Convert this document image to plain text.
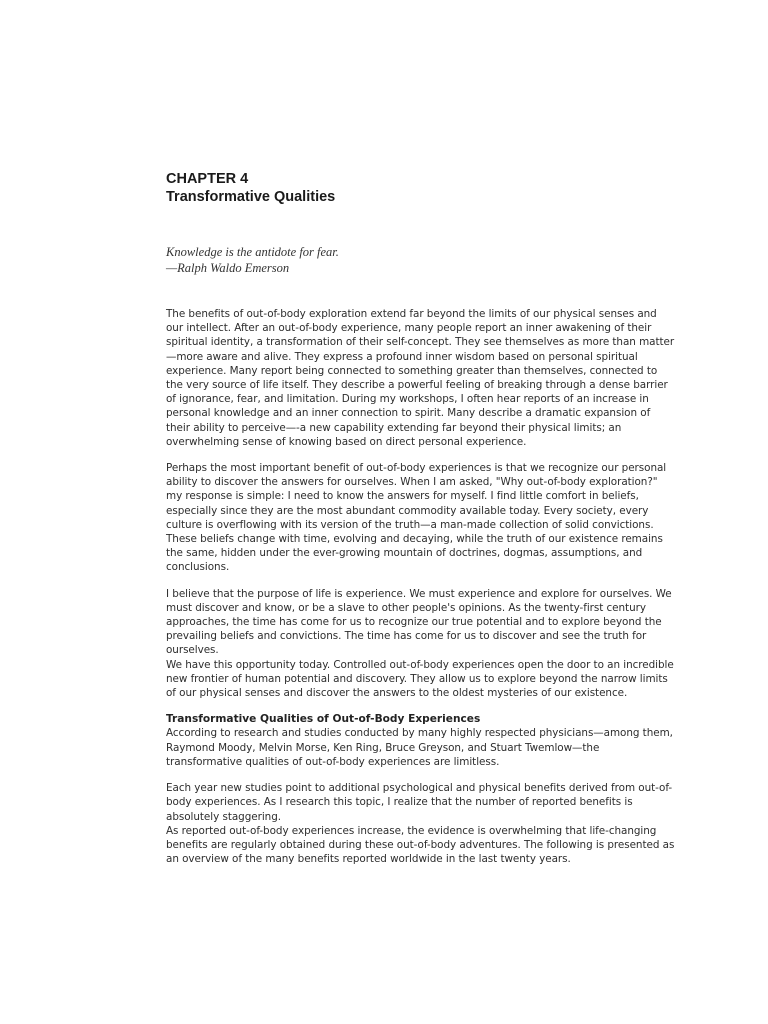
CHAPTER 4
Transformative Qualities
Knowledge is the antidote for fear.
—Ralph Waldo Emerson

The benefits of out-of-body exploration extend far beyond the limits of our physical senses and our intellect. After an out-of-body experience, many people report an inner awakening of their spiritual identity, a transformation of their self-concept. They see themselves as more than matter—more aware and alive. They express a profound inner wisdom based on personal spiritual experience. Many report being connected to something greater than themselves, connected to the very source of life itself. They describe a powerful feeling of breaking through a dense barrier of ignorance, fear, and limitation. During my workshops, I often hear reports of an increase in personal knowledge and an inner connection to spirit. Many describe a dramatic expansion of their ability to perceive—-a new capability extending far beyond their physical limits; an overwhelming sense of knowing based on direct personal experience.

Perhaps the most important benefit of out-of-body experiences is that we recognize our personal ability to discover the answers for ourselves. When I am asked, "Why out-of-body exploration?" my response is simple: I need to know the answers for myself. I find little comfort in beliefs, especially since they are the most abundant commodity available today. Every society, every culture is overflowing with its version of the truth—a man-made collection of solid convictions. These beliefs change with time, evolving and decaying, while the truth of our existence remains the same, hidden under the ever-growing mountain of doctrines, dogmas, assumptions, and conclusions.

I believe that the purpose of life is experience. We must experience and explore for ourselves. We must discover and know, or be a slave to other people's opinions. As the twenty-first century approaches, the time has come for us to recognize our true potential and to explore beyond the prevailing beliefs and convictions. The time has come for us to discover and see the truth for ourselves.

We have this opportunity today. Controlled out-of-body experiences open the door to an incredible new frontier of human potential and discovery. They allow us to explore beyond the narrow limits of our physical senses and discover the answers to the oldest mysteries of our existence.

Transformative Qualities of Out-of-Body Experiences

According to research and studies conducted by many highly respected physicians—among them, Raymond Moody, Melvin Morse, Ken Ring, Bruce Greyson, and Stuart Twemlow—the transformative qualities of out-of-body experiences are limitless.

Each year new studies point to additional psychological and physical benefits derived from out-of-body experiences. As I research this topic, I realize that the number of reported benefits is absolutely staggering.

As reported out-of-body experiences increase, the evidence is overwhelming that life-changing benefits are regularly obtained during these out-of-body adventures. The following is presented as an overview of the many benefits reported worldwide in the last twenty years.
